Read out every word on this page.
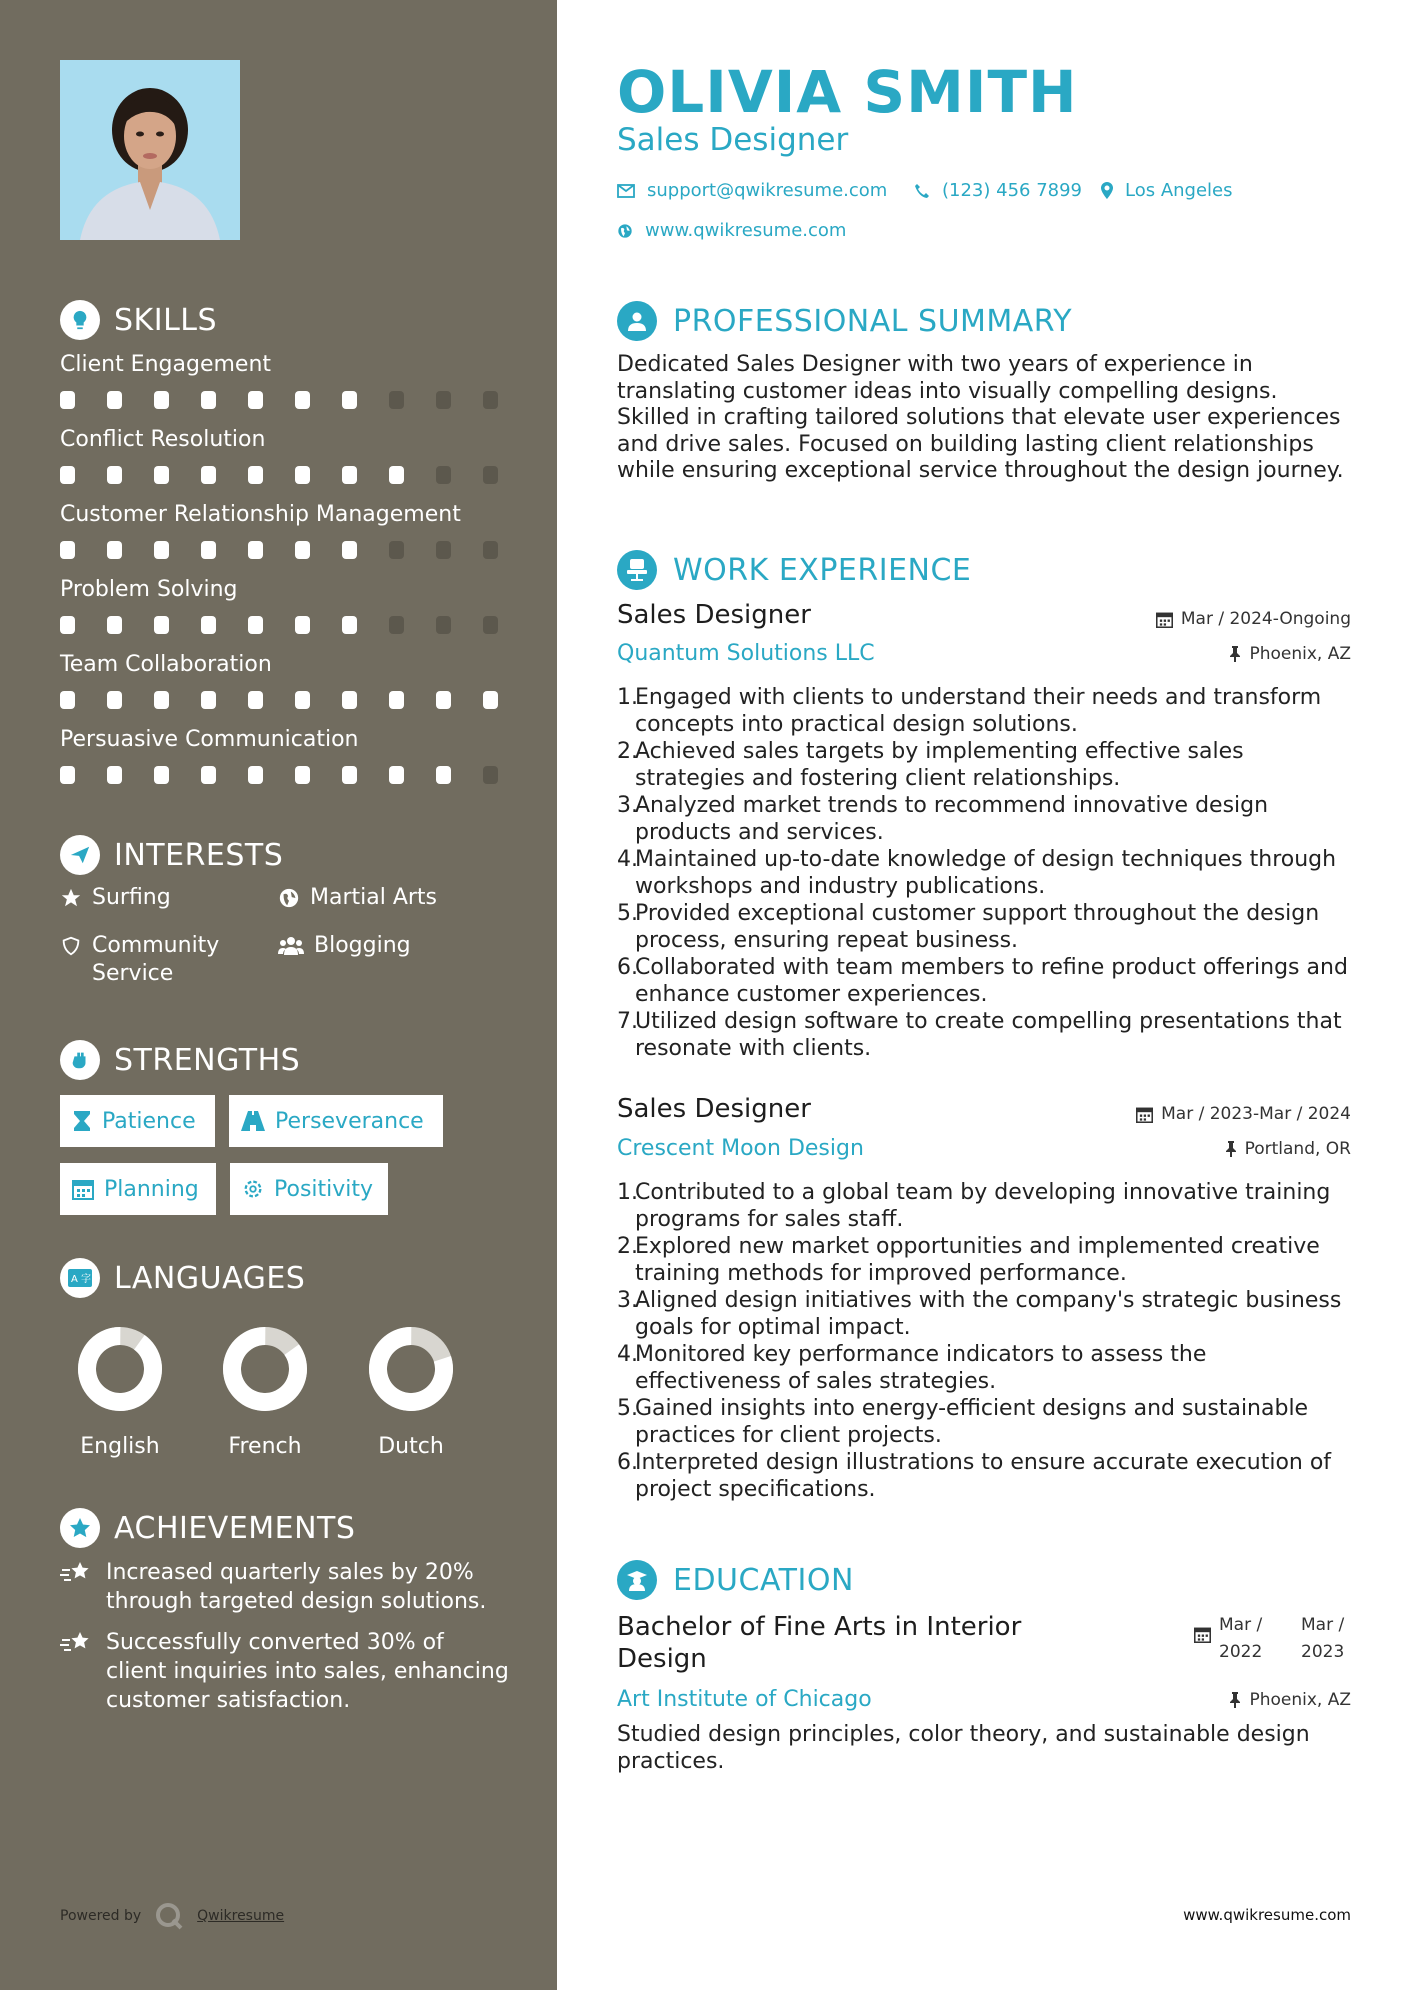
SKILLS
Client Engagement
Conflict Resolution
Customer Relationship Management
Problem Solving
Team Collaboration
Persuasive Communication
INTERESTS
Surfing	Martial Arts
Community Service
Blogging
STRENGTHS
Patience	Perseverance
Planning	Positivity
A 字 LANGUAGES
English	French	Dutch
ACHIEVEMENTS
Increased quarterly sales by 20% through targeted design solutions.
Successfully converted 30% of client inquiries into sales, enhancing customer satisfaction.
Powered by	Qwikresume
OLIVIA SMITH
Sales Designer
support@qwikresume.com	(123) 456 7899 Los Angeles
www.qwikresume.com
PROFESSIONAL SUMMARY

Dedicated Sales Designer with two years of experience in translating customer ideas into visually compelling designs. Skilled in crafting tailored solutions that elevate user experiences and drive sales. Focused on building lasting client relationships while ensuring exceptional service throughout the design journey.

WORK EXPERIENCE
Sales Designer	Mar / 2024-Ongoing
Quantum Solutions LLC	Phoenix, AZ
1.
Engaged with clients to understand their needs and transform concepts into practical design solutions.
2.
Achieved sales targets by implementing effective sales strategies and fostering client relationships.
3.
Analyzed market trends to recommend innovative design products and services.
4.
Maintained up-to-date knowledge of design techniques through workshops and industry publications.
5.
Provided exceptional customer support throughout the design process, ensuring repeat business.
6.
Collaborated with team members to refine product offerings and enhance customer experiences.
7.
Utilized design software to create compelling presentations that resonate with clients.
Sales Designer	Mar / 2023-Mar / 2024
Crescent Moon Design	Portland, OR
1.
Contributed to a global team by developing innovative training programs for sales staff.
2.
Explored new market opportunities and implemented creative training methods for improved performance.
3.
Aligned design initiatives with the company's strategic business goals for optimal impact.
4.
Monitored key performance indicators to assess the effectiveness of sales strategies.
5.
Gained insights into energy-efficient designs and sustainable practices for client projects.
6.
Interpreted design illustrations to ensure accurate execution of project specifications.
EDUCATION
Bachelor of Fine Arts in Interior Design
Mar / 2022
Mar / 2023
Art Institute of Chicago	Phoenix, AZ

Studied design principles, color theory, and sustainable design practices.

www.qwikresume.com
